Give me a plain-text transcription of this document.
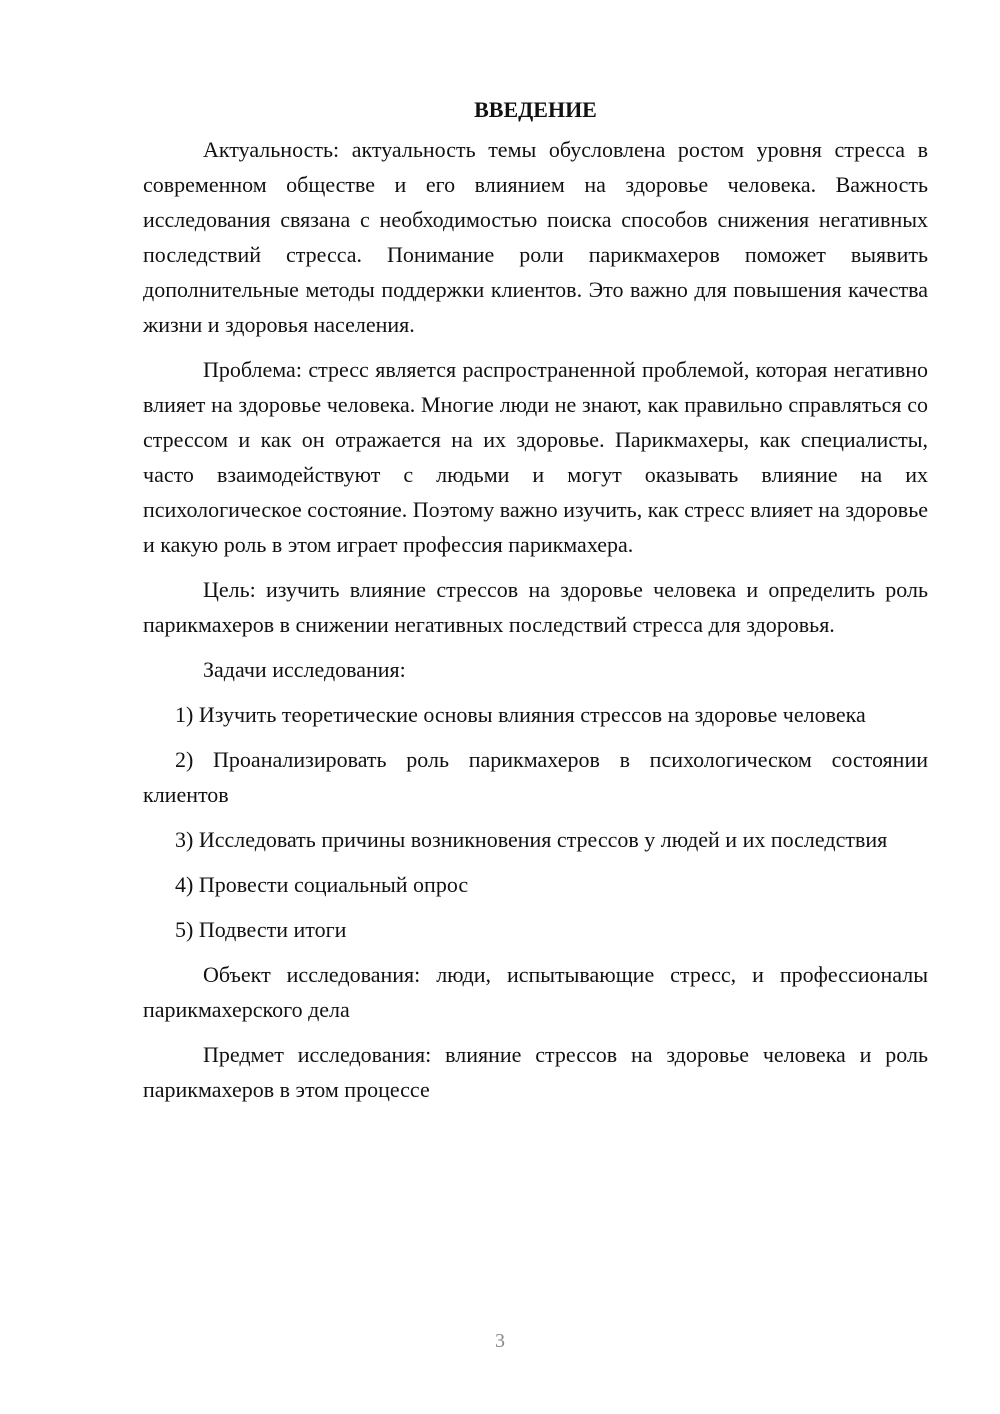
ВВЕДЕНИЕ

Актуальность: актуальность темы обусловлена ростом уровня стресса в современном обществе и его влиянием на здоровье человека. Важность исследования связана с необходимостью поиска способов снижения негативных последствий стресса. Понимание роли парикмахеров поможет выявить дополнительные методы поддержки клиентов. Это важно для повышения качества жизни и здоровья населения.

Проблема: стресс является распространенной проблемой, которая негативно влияет на здоровье человека. Многие люди не знают, как правильно справляться со стрессом и как он отражается на их здоровье. Парикмахеры, как специалисты, часто взаимодействуют с людьми и могут оказывать влияние на их психологическое состояние. Поэтому важно изучить, как стресс влияет на здоровье и какую роль в этом играет профессия парикмахера.

Цель: изучить влияние стрессов на здоровье человека и определить роль парикмахеров в снижении негативных последствий стресса для здоровья.

Задачи исследования:

1) Изучить теоретические основы влияния стрессов на здоровье человека

2) Проанализировать роль парикмахеров в психологическом состоянии клиентов

3) Исследовать причины возникновения стрессов у людей и их последствия

4) Провести социальный опрос

5) Подвести итоги

Объект исследования: люди, испытывающие стресс, и профессионалы парикмахерского дела

Предмет исследования: влияние стрессов на здоровье человека и роль парикмахеров в этом процессе

3
